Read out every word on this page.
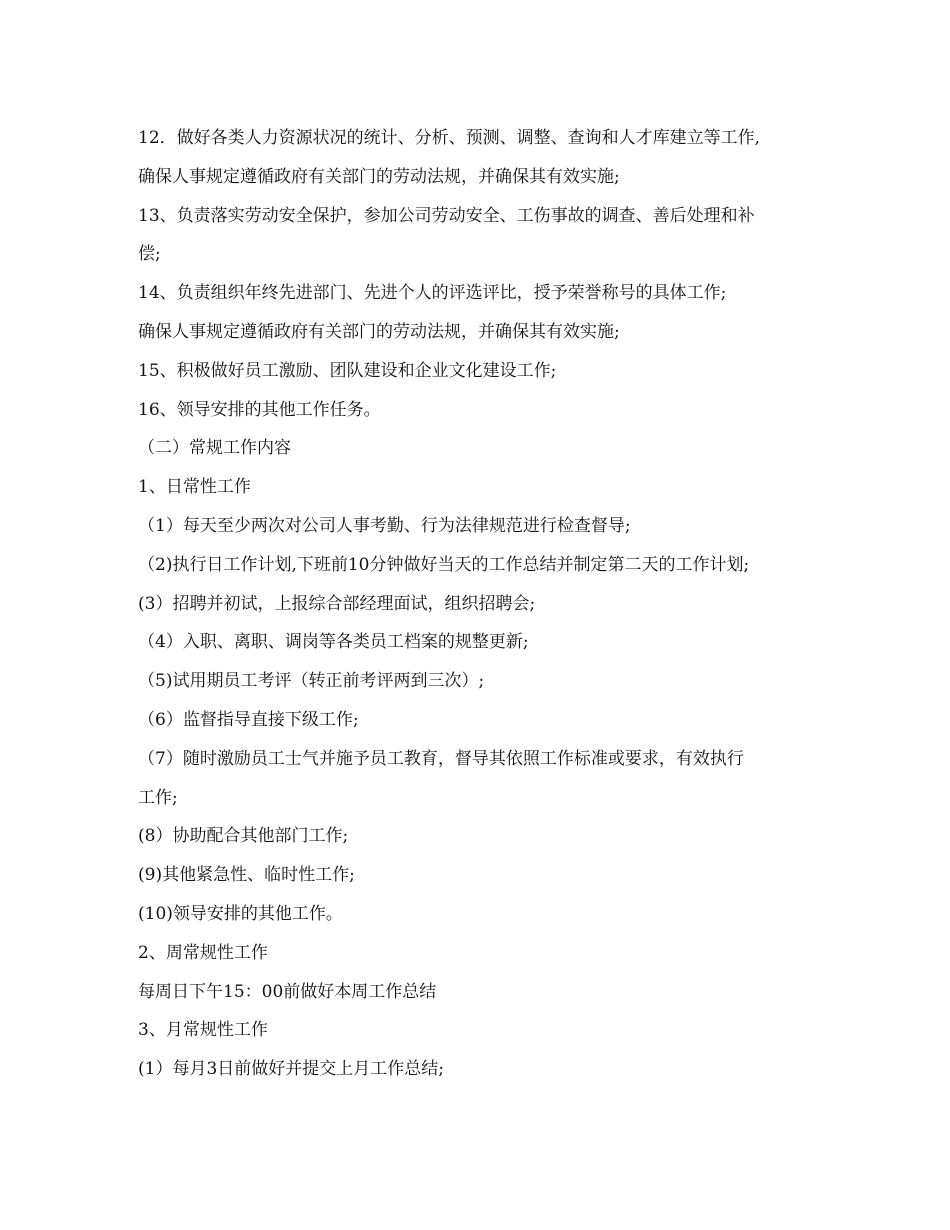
12．做好各类人力资源状况的统计、分析、预测、调整、查询和人才库建立等工作,
确保人事规定遵循政府有关部门的劳动法规，并确保其有效实施;
13、负责落实劳动安全保护，参加公司劳动安全、工伤事故的调查、善后处理和补
偿;
14、负责组织年终先进部门、先进个人的评选评比，授予荣誉称号的具体工作;
确保人事规定遵循政府有关部门的劳动法规，并确保其有效实施;
15、积极做好员工激励、团队建设和企业文化建设工作;
16、领导安排的其他工作任务。
（二）常规工作内容
1、日常性工作
（1）每天至少两次对公司人事考勤、行为法律规范进行检查督导;
（2)执行日工作计划,下班前10分钟做好当天的工作总结并制定第二天的工作计划;
(3）招聘并初试，上报综合部经理面试，组织招聘会;
（4）入职、离职、调岗等各类员工档案的规整更新;
（5)试用期员工考评（转正前考评两到三次）;
（6）监督指导直接下级工作;
（7）随时激励员工士气并施予员工教育，督导其依照工作标准或要求，有效执行
工作;
(8）协助配合其他部门工作;
(9)其他紧急性、临时性工作;
(10)领导安排的其他工作。
2、周常规性工作
每周日下午15：00前做好本周工作总结
3、月常规性工作
(1）每月3日前做好并提交上月工作总结;
